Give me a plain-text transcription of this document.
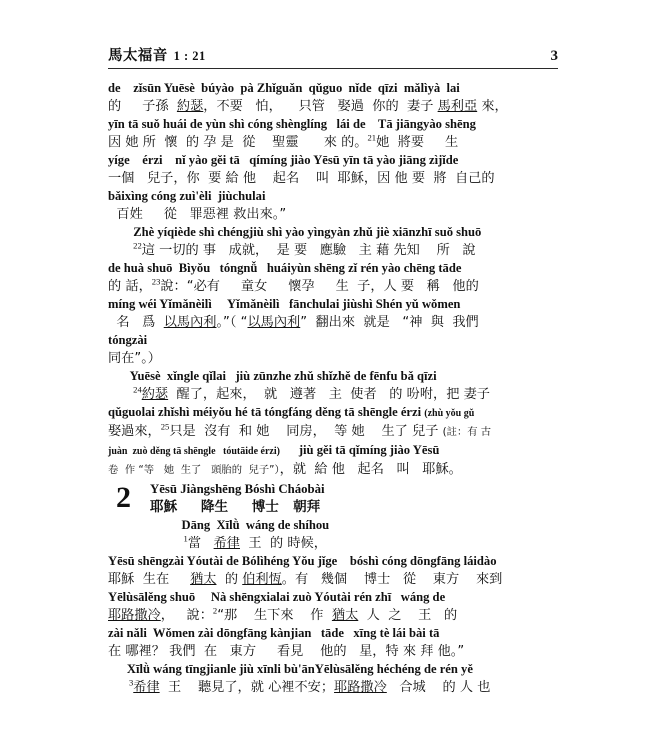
馬太福音 1 : 21	3
de    zǐsūn Yuēsè  búyào  pà Zhǐguǎn  qǔguo  nǐde  qīzi  mǎlìyà  lai
的     子孫  約瑟，不要   怕，    只管   娶過  你的  妻子 馬利亞 來，
yīn tā suǒ huái de yùn shì cóng shènglíng   lái de    Tā jiāngyào shēng
因 她 所  懷  的 孕 是  從    聖靈      來 的。$^{21}$她  將要     生
yíge    érzi    nǐ yào gěi tā   qímíng jiào Yēsū yīn tā yào jiāng zìjǐde
一個   兒子，你  要 給 他    起名    叫  耶穌，因 他 要  將  自己的
bǎixìng cóng zuì'èli  jiùchulai
百姓     從   罪惡裡 救出來。”
Zhè yíqiède shì chéngjiù shì yào yìngyàn zhǔ jiè xiānzhī suǒ shuō
$^{22}$這 一切的 事   成就，  是 要   應驗   主 藉 先知    所   說
de huà shuō  Bìyǒu   tóngnǚ   huáiyùn shēng zǐ rén yào chēng tāde
的 話，$^{23}$說：“必有     童女     懷孕     生  子，人 要   稱   他的
míng wéi Yǐmǎnèilì     Yǐmǎnèilì   fānchulai jiùshì Shén yǔ wǒmen
名   爲  以馬內利。”（ “以馬內利”  翻出來  就是   “神  與  我們
tóngzài
同在”。）
Yuēsè  xǐngle qǐlai   jiù zūnzhe zhǔ shǐzhě de fēnfu bǎ qīzi
$^{24}$約瑟  醒了，起來，  就   遵著   主  使者   的 吩咐，把 妻子
qǔguolai zhǐshì méiyǒu hé tā tóngfáng děng tā shēngle érzi (zhù yǒu gǔ
娶過來，$^{25}$只是  沒有  和 她    同房，  等 她    生了 兒子 (註：有 古
juàn  zuò děng tā shēngle   tóutāide érzi)      jiù gěi tā qǐmíng jiào Yēsū
卷  作 “等   她  生了   頭胎的  兒子”），就  給 他   起名   叫   耶穌。
2	Yēsū Jiàngshēng Bóshì Cháobài
耶穌     降生     博士   朝拜
Dāng  Xīlǜ  wáng de shíhou
$^1$當   希律  王  的 時候，
Yēsū shēngzài Yóutài de Bólìhéng Yǒu jǐge    bóshì cóng dōngfāng láidào
耶穌  生在     猶太  的 伯利恆。有   幾個    博士   從    東方    來到
Yēlùsālěng shuō     Nà shēngxialai zuò Yóutài rén zhī   wáng de
耶路撒冷，   說：$^2$“那    生下來    作  猶太  人  之    王   的
zài nǎli  Wǒmen zài dōngfāng kànjian   tāde   xīng tè lái bài tā
在 哪裡？ 我們  在   東方     看見    他的   星，特 來 拜 他。”
Xīlǜ wáng tīngjianle jiù xīnli bù'ānYēlùsālěng héchéng de rén yě
$^3$希律  王    聽見了，就 心裡不安；耶路撒冷   合城    的 人 也
